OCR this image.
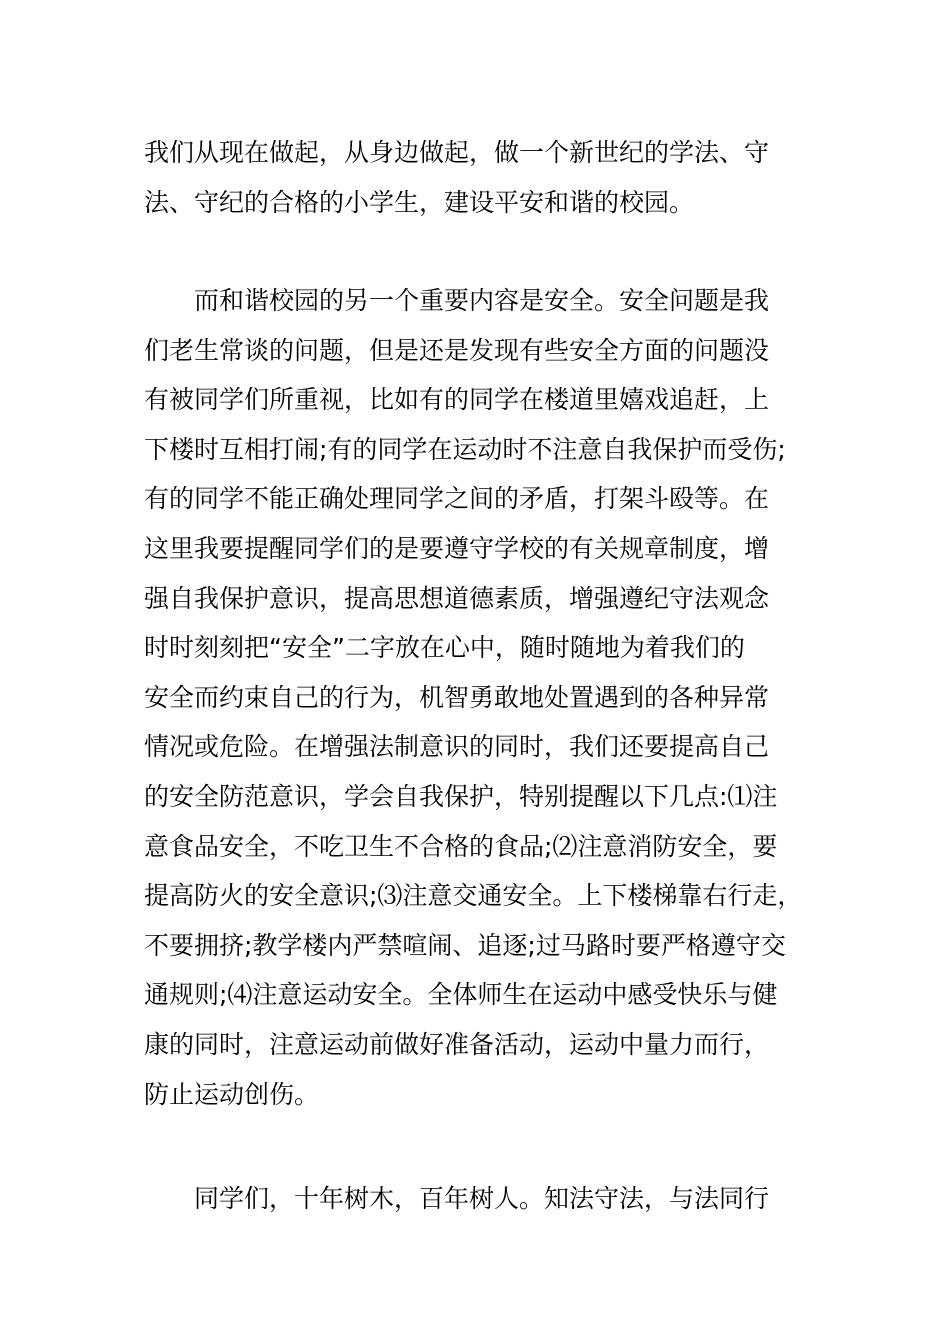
我们从现在做起，从身边做起，做一个新世纪的学法、守
法、守纪的合格的小学生，建设平安和谐的校园。
　　而和谐校园的另一个重要内容是安全。安全问题是我
们老生常谈的问题，但是还是发现有些安全方面的问题没
有被同学们所重视，比如有的同学在楼道里嬉戏追赶，上
下楼时互相打闹;有的同学在运动时不注意自我保护而受伤;
有的同学不能正确处理同学之间的矛盾，打架斗殴等。在
这里我要提醒同学们的是要遵守学校的有关规章制度，增
强自我保护意识，提高思想道德素质，增强遵纪守法观念
时时刻刻把“安全”二字放在心中，随时随地为着我们的
安全而约束自己的行为，机智勇敢地处置遇到的各种异常
情况或危险。在增强法制意识的同时，我们还要提高自己
的安全防范意识，学会自我保护，特别提醒以下几点:⑴注
意食品安全，不吃卫生不合格的食品;⑵注意消防安全，要
提高防火的安全意识;⑶注意交通安全。上下楼梯靠右行走，
不要拥挤;教学楼内严禁喧闹、追逐;过马路时要严格遵守交
通规则;⑷注意运动安全。全体师生在运动中感受快乐与健
康的同时，注意运动前做好准备活动，运动中量力而行，
防止运动创伤。
　　同学们，十年树木，百年树人。知法守法，与法同行
